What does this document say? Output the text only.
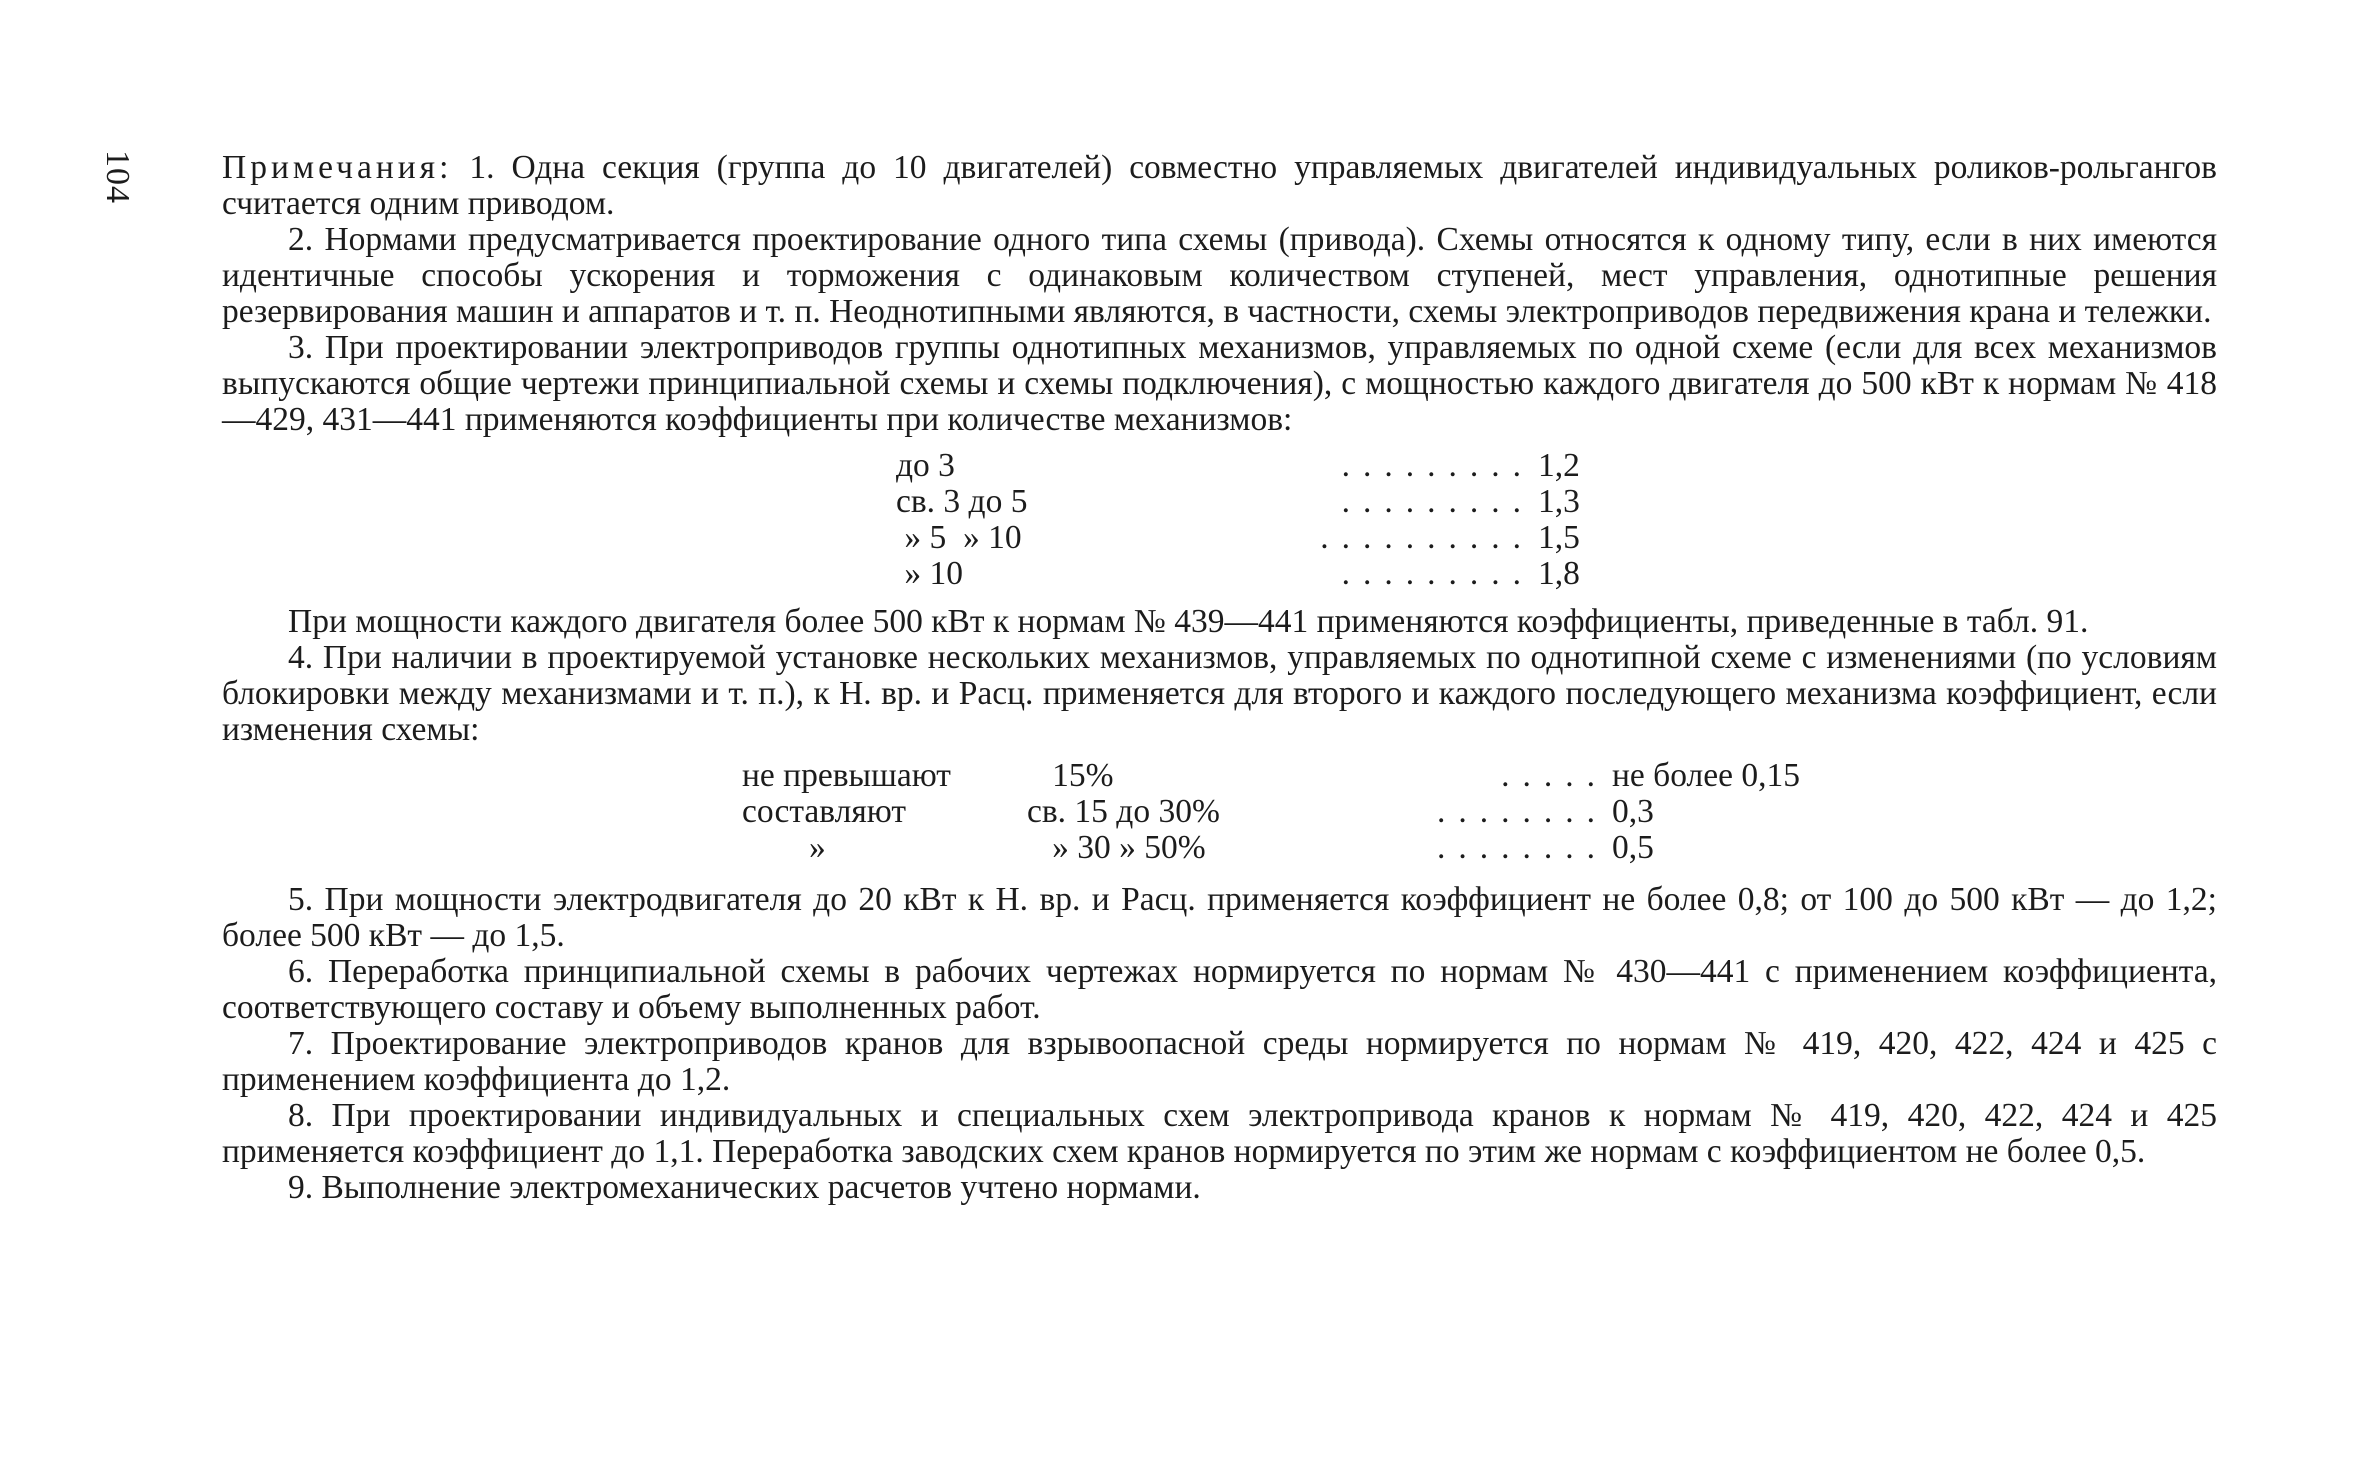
104	Примечания: 1. Одна секция (группа до 10 двигателей) совместно управляемых двигателей индивидуальных роликов-рольгангов считается одним приводом.

2. Нормами предусматривается проектирование одного типа схемы (привода). Схемы относятся к одному типу, если в них имеются идентичные способы ускорения и торможения с одинаковым количеством ступеней, мест управления, однотипные решения резервирования машин и аппаратов и т. п. Неоднотипными являются, в частности, схемы электроприводов передвижения крана и тележки.

3. При проектировании электроприводов группы однотипных механизмов, управляемых по одной схеме (если для всех механизмов выпускаются общие чертежи принципиальной схемы и схемы подключения), с мощностью каждого двигателя до 500 кВт к нормам № 418—429, 431—441 применяются коэффициенты при количестве механизмов:

до 3	......... 1,2
св. 3 до 5	......... 1,3
» 5  » 10	.......... 1,5
» 10	......... 1,8

При мощности каждого двигателя более 500 кВт к нормам № 439—441 применяются коэффициенты, приведенные в табл. 91.

4. При наличии в проектируемой установке нескольких механизмов, управляемых по однотипной схеме с изменениями (по условиям блокировки между механизмами и т. п.), к Н. вр. и Расц. применяется для второго и каждого последующего механизма коэффициент, если изменения схемы:

не превышают	15%	..... не более 0,15
составляют	св. 15 до 30%	........ 0,3
»	» 30 » 50%	........ 0,5

5. При мощности электродвигателя до 20 кВт к Н. вр. и Расц. применяется коэффициент не более 0,8; от 100 до 500 кВт — до 1,2; более 500 кВт — до 1,5.

6. Переработка принципиальной схемы в рабочих чертежах нормируется по нормам № 430—441 с применением коэффициента, соответствующего составу и объему выполненных работ.

7. Проектирование электроприводов кранов для взрывоопасной среды нормируется по нормам № 419, 420, 422, 424 и 425 с применением коэффициента до 1,2.

8. При проектировании индивидуальных и специальных схем электропривода кранов к нормам № 419, 420, 422, 424 и 425 применяется коэффициент до 1,1. Переработка заводских схем кранов нормируется по этим же нормам с коэффициентом не более 0,5.

9. Выполнение электромеханических расчетов учтено нормами.
